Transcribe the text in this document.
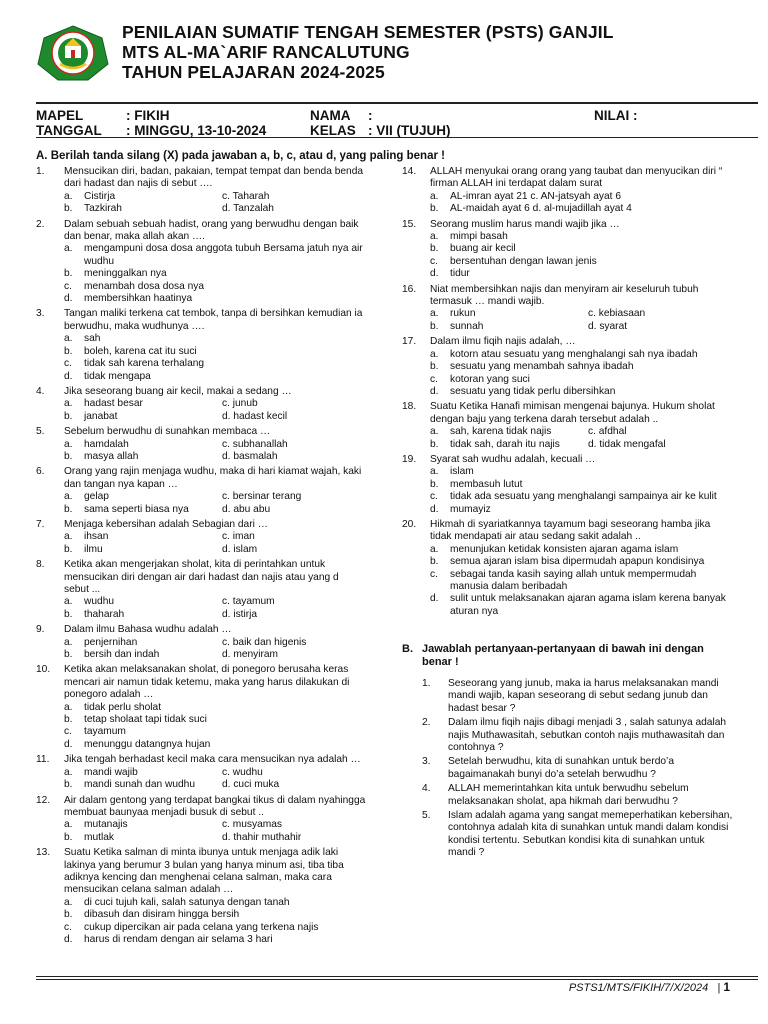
PENILAIAN SUMATIF TENGAH SEMESTER (PSTS) GANJIL
MTS AL-MA`ARIF RANCALUTUNG
TAHUN PELAJARAN 2024-2025
MAPEL	: FIKIH
TANGGAL : MINGGU, 13-10-2024
NAMA :
KELAS : VII (TUJUH)
NILAI :
A. Berilah tanda silang (X) pada jawaban a, b, c, atau d, yang paling benar !
1.	Mensucikan diri, badan, pakaian, tempat tempat dan benda benda dari hadast dan najis di sebut ….
a.	Cistirja	c. Taharah
b.	Tazkirah	d. Tanzalah
2.	Dalam sebuah sebuah hadist, orang yang berwudhu dengan baik dan benar, maka allah akan ….
a.	mengampuni dosa dosa anggota tubuh Bersama jatuh nya air wudhu
b.	meninggalkan nya
c.	menambah dosa dosa nya
d.	membersihkan haatinya
3.	Tangan maliki terkena cat tembok, tanpa di bersihkan kemudian ia berwudhu, maka wudhunya ….
a.	sah
b.	boleh, karena cat itu suci
c.	tidak sah karena terhalang
d.	tidak mengapa
4.	Jika seseorang buang air kecil, makai a sedang …
a.	hadast besar	c. junub
b.	janabat	d. hadast kecil
5.	Sebelum berwudhu di sunahkan membaca …
a.	hamdalah	c. subhanallah
b.	masya allah	d. basmalah
6.	Orang yang rajin menjaga wudhu, maka di hari kiamat wajah, kaki dan tangan nya kapan …
a.	gelap	c. bersinar terang
b.	sama seperti biasa nya	d. abu abu
7.	Menjaga kebersihan adalah Sebagian dari …
a.	ihsan	c. iman
b.	ilmu	d. islam
8.	Ketika akan mengerjakan sholat, kita di perintahkan untuk mensucikan diri dengan air dari hadast dan najis atau yang d sebut ...
a.	wudhu	c. tayamum
b.	thaharah	d. istirja
9.	Dalam ilmu Bahasa wudhu adalah …
a.	penjernihan	c. baik dan higenis
b.	bersih dan indah	d. menyiram
10.	Ketika akan melaksanakan sholat, di ponegoro berusaha keras mencari air namun tidak ketemu, maka yang harus dilakukan di ponegoro adalah …
a.	tidak perlu sholat
b.	tetap sholaat tapi tidak suci
c.	tayamum
d.	menunggu datangnya hujan
11.	Jika tengah berhadast kecil maka cara mensucikan nya adalah …
a.	mandi wajib	c. wudhu
b.	mandi sunah dan wudhu	d. cuci muka
12.	Air dalam gentong yang terdapat bangkai tikus di dalam nyahingga membuat baunyaa menjadi busuk di sebut ..
a.	mutanajis	c. musyamas
b.	mutlak	d. thahir muthahir
13.	Suatu Ketika salman di minta ibunya untuk menjaga adik laki lakinya yang berumur 3 bulan yang hanya minum asi, tiba tiba adiknya kencing dan menghenai celana salman, maka cara mensucikan celana salman adalah …
a.	di cuci tujuh kali, salah satunya dengan tanah
b.	dibasuh dan disiram hingga bersih
c.	cukup dipercikan air pada celana yang terkena najis
d.	harus di rendam dengan air selama 3 hari
14.	ALLAH menyukai orang orang yang taubat dan menyucikan diri “ firman ALLAH ini terdapat dalam surat
a.	AL-imran ayat 21 c. AN-jatsyah ayat 6
b.	AL-maidah ayat 6 d. al-mujadillah ayat 4
15.	Seorang muslim harus mandi wajib jika …
a.	mimpi basah
b.	buang air kecil
c.	bersentuhan dengan lawan jenis
d.	tidur
16.	Niat membersihkan najis dan menyiram air keseluruh tubuh termasuk … mandi wajib.
a.	rukun	c. kebiasaan
b.	sunnah	d. syarat
17.	Dalam ilmu fiqih najis adalah, …
a.	kotorn atau sesuatu yang menghalangi sah nya ibadah
b.	sesuatu yang menambah sahnya ibadah
c.	kotoran yang suci
d.	sesuatu yang tidak perlu dibersihkan
18.	Suatu Ketika Hanafi mimisan mengenai bajunya. Hukum sholat dengan baju yang terkena darah tersebut adalah ..
a.	sah, karena tidak najis	c. afdhal
b.	tidak sah, darah itu najis	d. tidak mengafal
19.	Syarat sah wudhu adalah, kecuali …
a.	islam
b.	membasuh lutut
c.	tidak ada sesuatu yang menghalangi sampainya air ke kulit
d.	mumayiz
20.	Hikmah di syariatkannya tayamum bagi seseorang hamba jika tidak mendapati air atau sedang sakit adalah ..
a.	menunjukan ketidak konsisten ajaran agama islam
b.	semua ajaran islam bisa dipermudah apapun kondisinya
c.	sebagai tanda kasih saying allah untuk mempermudah manusia dalam beribadah
d.	sulit untuk melaksanakan ajaran agama islam kerena banyak aturan nya
B. Jawablah pertanyaan-pertanyaan di bawah ini dengan benar !
1.	Seseorang yang junub, maka ia harus melaksanakan mandi mandi wajib, kapan seseorang di sebut sedang junub dan hadast besar ?
2.	Dalam ilmu fiqih najis dibagi menjadi 3 , salah satunya adalah najis Muthawasitah, sebutkan contoh najis muthawasitah dan contohnya ?
3.	Setelah berwudhu, kita di sunahkan untuk berdo’a bagaimanakah bunyi do’a setelah berwudhu ?
4.	ALLAH memerintahkan kita untuk berwudhu sebelum melaksanakan sholat, apa hikmah dari berwudhu ?
5.	Islam adalah agama yang sangat memeperhatikan kebersihan, contohnya adalah kita di sunahkan untuk mandi dalam kondisi kondisi tertentu. Sebutkan kondisi kita di sunahkan untuk mandi ?
PSTS1/MTS/FIKIH/7/X/2024 | 1
